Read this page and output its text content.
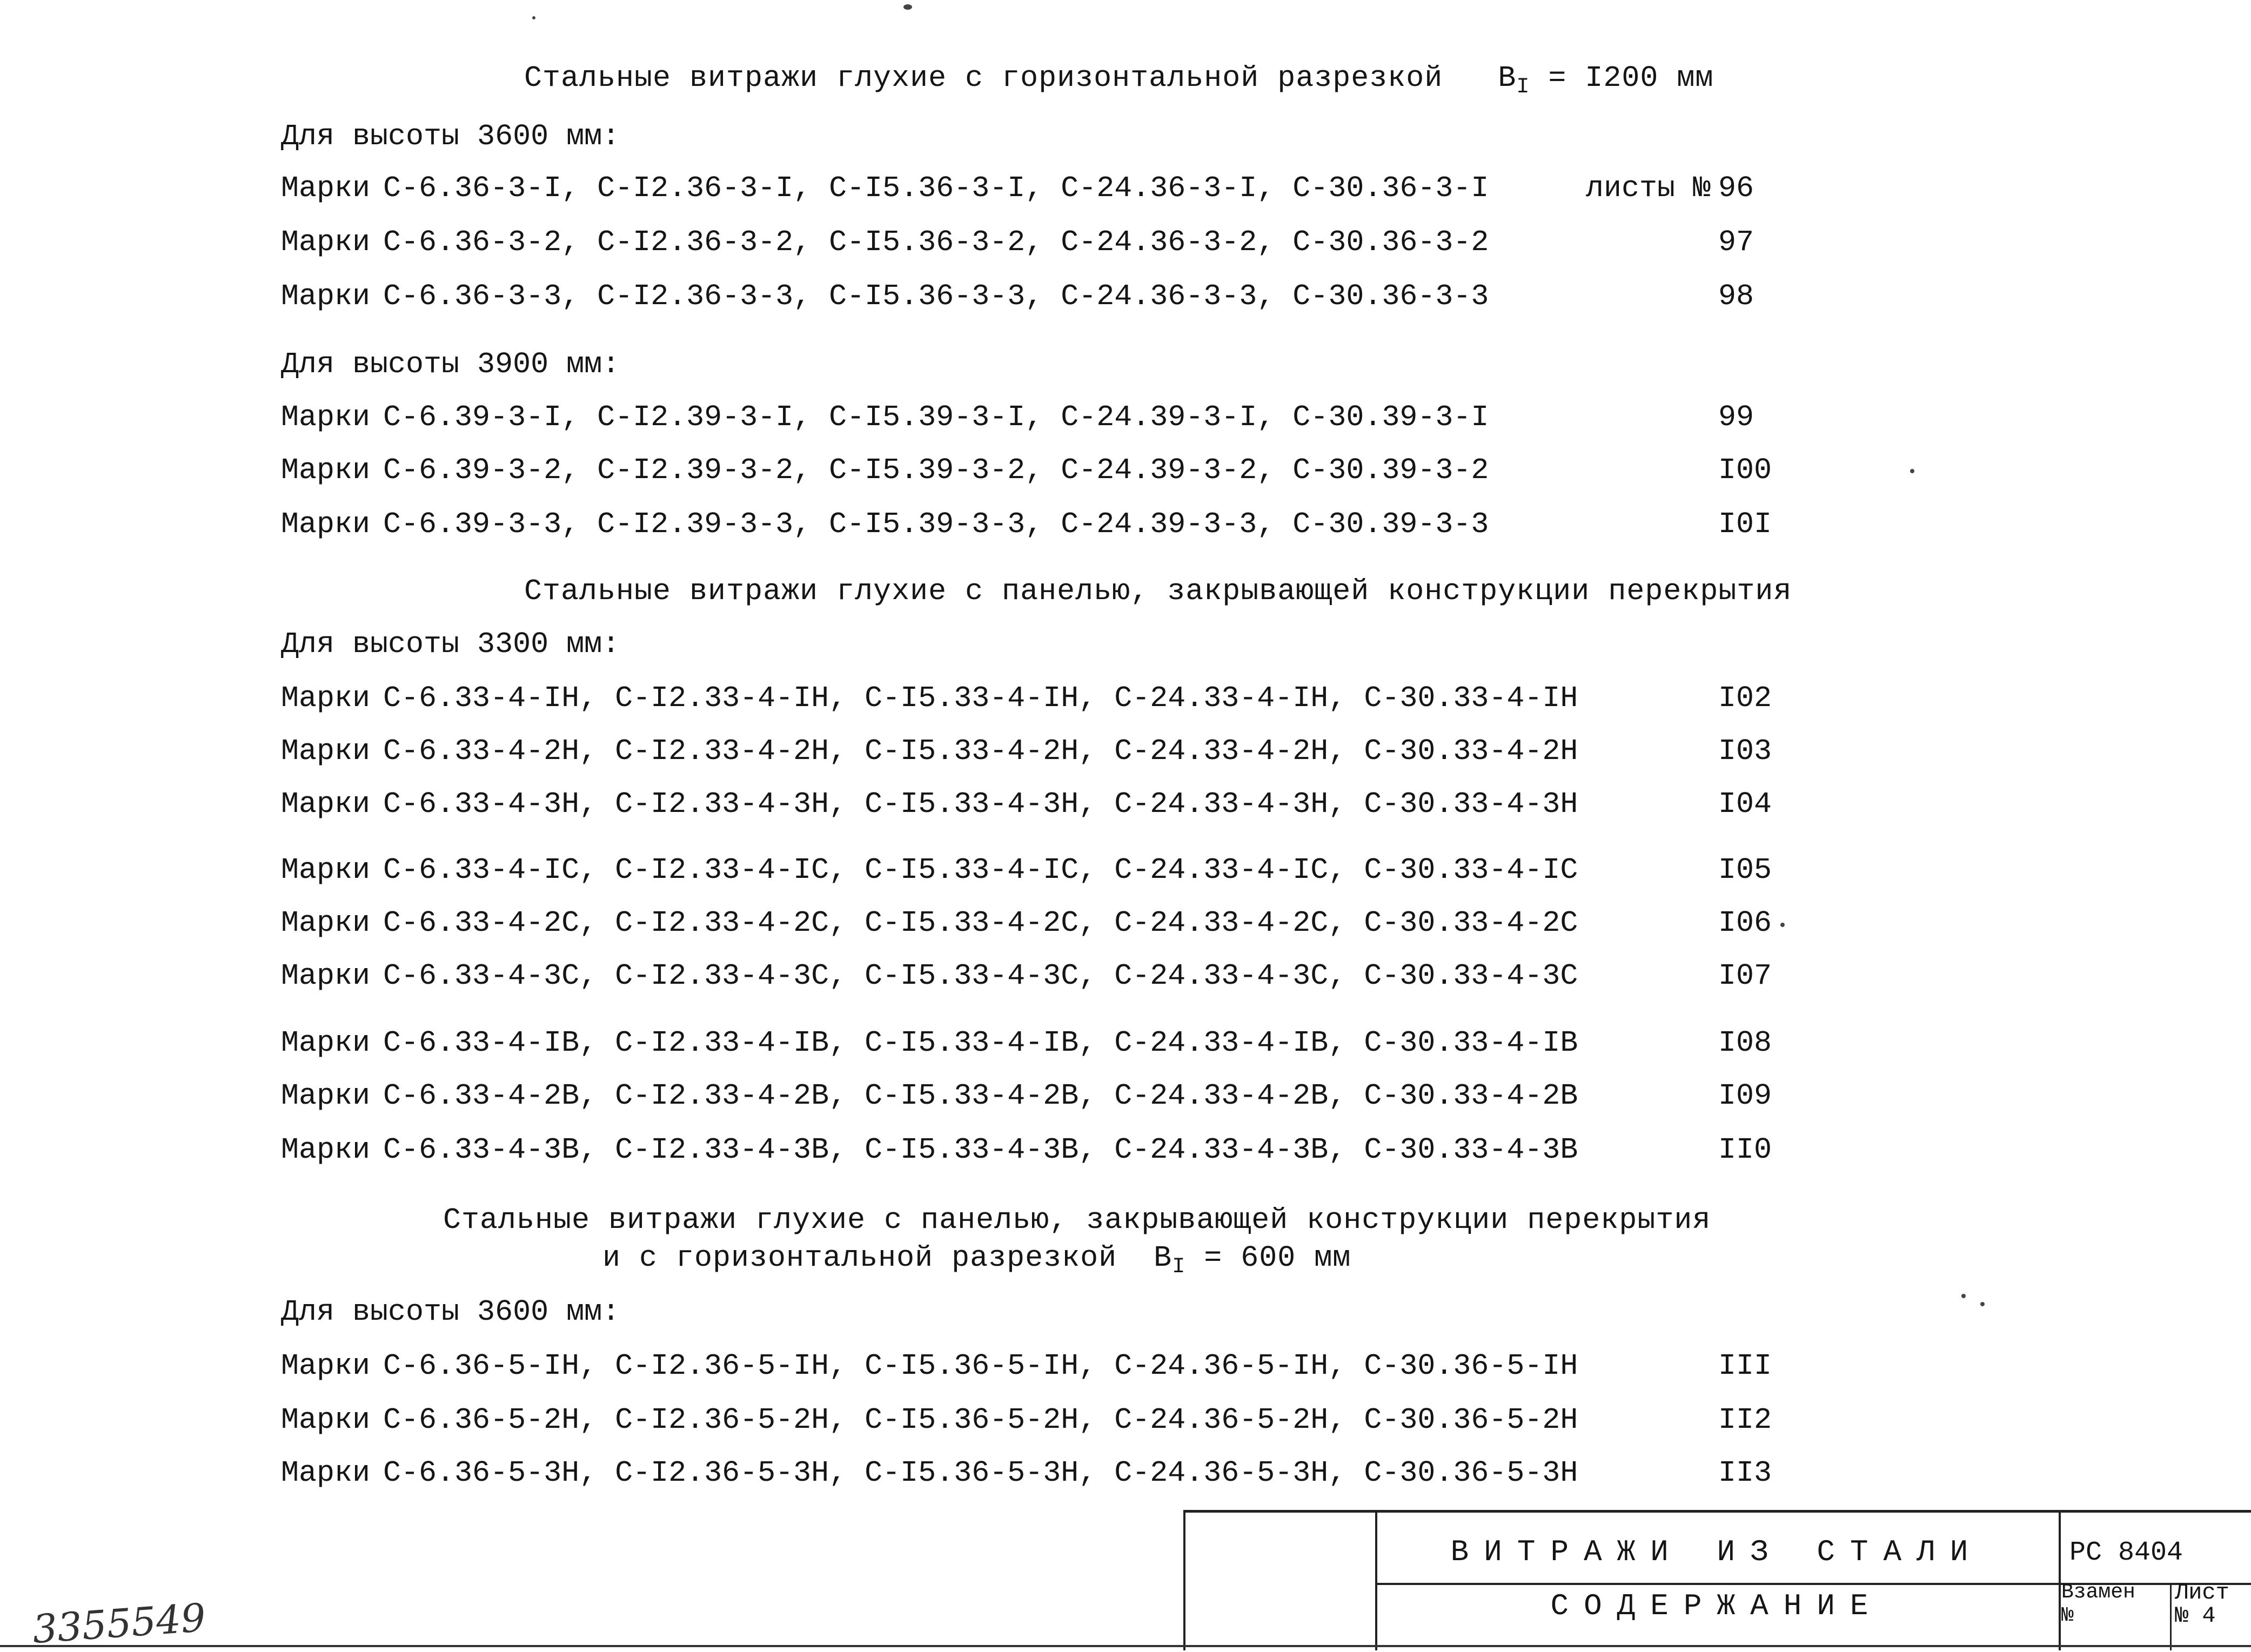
Стальные витражи глухие с горизонтальной разрезкой $B_I = I200$ мм
Для высоты 3600 мм:
Марки С-6.36-3-I, С-I2.36-3-I, С-I5.36-3-I, С-24.36-3-I, С-30.36-3-I	листы № 96
Марки С-6.36-3-2, С-I2.36-3-2, С-I5.36-3-2, С-24.36-3-2, С-30.36-3-2	97
Марки С-6.36-3-3, С-I2.36-3-3, С-I5.36-3-3, С-24.36-3-3, С-30.36-3-3	98
Для высоты 3900 мм:
Марки С-6.39-3-I, С-I2.39-3-I, С-I5.39-3-I, С-24.39-3-I, С-30.39-3-I	99
Марки С-6.39-3-2, С-I2.39-3-2, С-I5.39-3-2, С-24.39-3-2, С-30.39-3-2	I00
Марки С-6.39-3-3, С-I2.39-3-3, С-I5.39-3-3, С-24.39-3-3, С-30.39-3-3	I0I
Стальные витражи глухие с панелью, закрывающей конструкции перекрытия
Для высоты 3300 мм:
Марки С-6.33-4-IН, С-I2.33-4-IН, С-I5.33-4-IН, С-24.33-4-IН, С-30.33-4-IН	I02
Марки С-6.33-4-2Н, С-I2.33-4-2Н, С-I5.33-4-2Н, С-24.33-4-2Н, С-30.33-4-2Н	I03
Марки С-6.33-4-3Н, С-I2.33-4-3Н, С-I5.33-4-3Н, С-24.33-4-3Н, С-30.33-4-3Н	I04
Марки С-6.33-4-IС, С-I2.33-4-IС, С-I5.33-4-IС, С-24.33-4-IС, С-30.33-4-IС	I05
Марки С-6.33-4-2С, С-I2.33-4-2С, С-I5.33-4-2С, С-24.33-4-2С, С-30.33-4-2С	I06
Марки С-6.33-4-3С, С-I2.33-4-3С, С-I5.33-4-3С, С-24.33-4-3С, С-30.33-4-3С	I07
Марки С-6.33-4-IВ, С-I2.33-4-IВ, С-I5.33-4-IВ, С-24.33-4-IВ, С-30.33-4-IВ	I08
Марки С-6.33-4-2В, С-I2.33-4-2В, С-I5.33-4-2В, С-24.33-4-2В, С-30.33-4-2В	I09
Марки С-6.33-4-3В, С-I2.33-4-3В, С-I5.33-4-3В, С-24.33-4-3В, С-30.33-4-3В	II0
Стальные витражи глухие с панелью, закрывающей конструкции перекрытия
и с горизонтальной разрезкой $B_I = 600$ мм
Для высоты 3600 мм:
Марки С-6.36-5-IН, С-I2.36-5-IН, С-I5.36-5-IН, С-24.36-5-IН, С-30.36-5-IН	III
Марки С-6.36-5-2Н, С-I2.36-5-2Н, С-I5.36-5-2Н, С-24.36-5-2Н, С-30.36-5-2Н	II2
Марки С-6.36-5-3Н, С-I2.36-5-3Н, С-I5.36-5-3Н, С-24.36-5-3Н, С-30.36-5-3Н	II3
ВИТРАЖИ ИЗ СТАЛИ
СОДЕРЖАНИЕ
РС 8404
Взамен
№
Лист
№ 4
3355549
